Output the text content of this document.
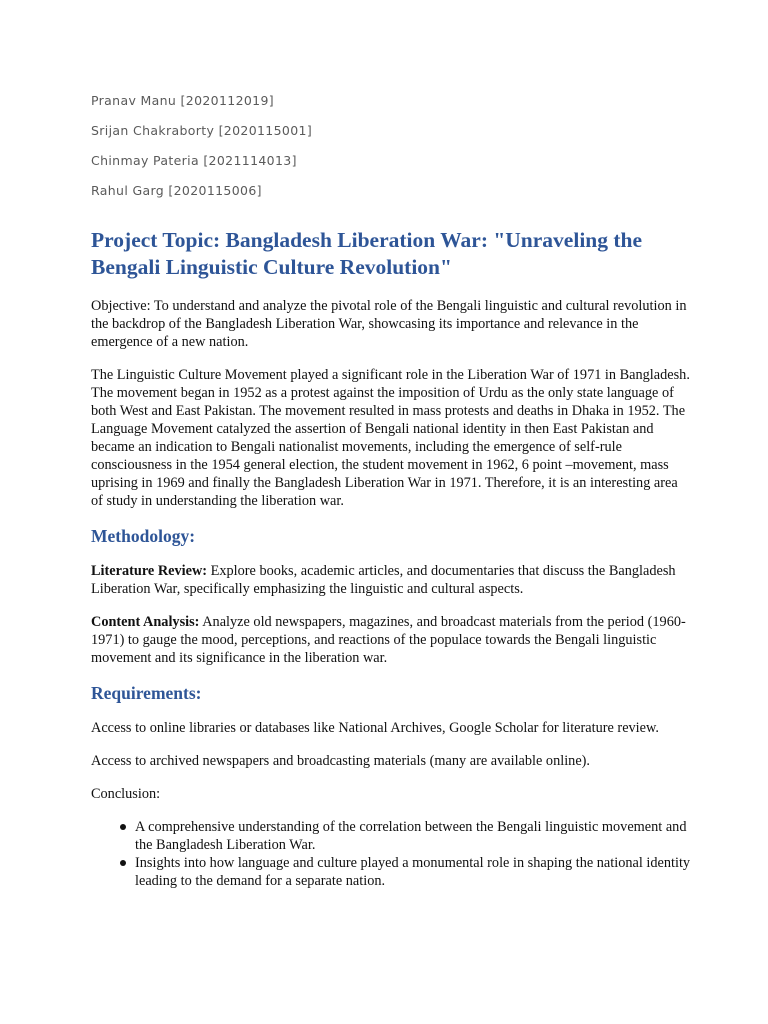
Pranav Manu [2020112019]

Srijan Chakraborty [2020115001]

Chinmay Pateria [2021114013]

Rahul Garg [2020115006]

Project Topic: Bangladesh Liberation War: "Unraveling the Bengali Linguistic Culture Revolution"

Objective: To understand and analyze the pivotal role of the Bengali linguistic and cultural revolution in the backdrop of the Bangladesh Liberation War, showcasing its importance and relevance in the emergence of a new nation.

The Linguistic Culture Movement played a significant role in the Liberation War of 1971 in Bangladesh. The movement began in 1952 as a protest against the imposition of Urdu as the only state language of both West and East Pakistan. The movement resulted in mass protests and deaths in Dhaka in 1952. The Language Movement catalyzed the assertion of Bengali national identity in then East Pakistan and became an indication to Bengali nationalist movements, including the emergence of self-rule consciousness in the 1954 general election, the student movement in 1962, 6 point –movement, mass uprising in 1969 and finally the Bangladesh Liberation War in 1971. Therefore, it is an interesting area of study in understanding the liberation war.

Methodology:

Literature Review: Explore books, academic articles, and documentaries that discuss the Bangladesh Liberation War, specifically emphasizing the linguistic and cultural aspects.

Content Analysis: Analyze old newspapers, magazines, and broadcast materials from the period (1960-1971) to gauge the mood, perceptions, and reactions of the populace towards the Bengali linguistic movement and its significance in the liberation war.

Requirements:

Access to online libraries or databases like National Archives, Google Scholar for literature review.

Access to archived newspapers and broadcasting materials (many are available online).

Conclusion:

A comprehensive understanding of the correlation between the Bengali linguistic movement and the Bangladesh Liberation War.
Insights into how language and culture played a monumental role in shaping the national identity leading to the demand for a separate nation.
